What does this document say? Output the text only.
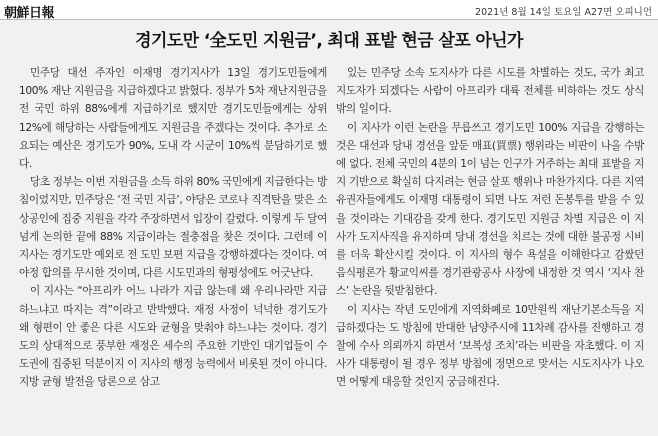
朝鮮日報	2021년 8월 14일 토요일 A27면 오피니언
경기도만 ‘全도민 지원금’, 최대 표밭 현금 살포 아닌가

민주당 대선 주자인 이재명 경기지사가 13일 경기도민들에게 100% 재난 지원금을 지급하겠다고 밝혔다. 정부가 5차 재난지원금을 전 국민 하위 88%에게 지급하기로 했지만 경기도민들에게는 상위 12%에 해당하는 사람들에게도 지원금을 주겠다는 것이다. 추가로 소요되는 예산은 경기도가 90%, 도내 각 시군이 10%씩 분담하기로 했다.

당초 정부는 이번 지원금을 소득 하위 80% 국민에게 지급한다는 방침이었지만, 민주당은 ‘전 국민 지급’, 야당은 코로나 직격탄을 맞은 소상공인에 집중 지원을 각각 주장하면서 입장이 갈렸다. 이렇게 두 달여 넘게 논의한 끝에 88% 지급이라는 절충점을 찾은 것이다. 그런데 이 지사는 경기도만 예외로 전 도민 보편 지급을 강행하겠다는 것이다. 여야정 합의를 무시한 것이며, 다른 시도민과의 형평성에도 어긋난다.

이 지사는 “아프리카 어느 나라가 지급 않는데 왜 우리나라만 지급하느냐고 따지는 격”이라고 반박했다. 재정 사정이 넉넉한 경기도가 왜 형편이 안 좋은 다른 시도와 균형을 맞춰야 하느냐는 것이다. 경기도의 상대적으로 풍부한 재정은 세수의 주요한 기반인 대기업들이 수도권에 집중된 덕분이지 이 지사의 행정 능력에서 비롯된 것이 아니다. 지방 균형 발전을 당론으로 삼고

있는 민주당 소속 도지사가 다른 시도를 차별하는 것도, 국가 최고 지도자가 되겠다는 사람이 아프리카 대륙 전체를 비하하는 것도 상식 밖의 일이다.

이 지사가 이런 논란을 무릅쓰고 경기도민 100% 지급을 강행하는 것은 대선과 당내 경선을 앞둔 매표(買票) 행위라는 비판이 나올 수밖에 없다. 전체 국민의 4분의 1이 넘는 인구가 거주하는 최대 표밭을 지지 기반으로 확실히 다지려는 현금 살포 행위나 마찬가지다. 다른 지역 유권자들에게도 이재명 대통령이 되면 나도 저런 돈봉투를 받을 수 있을 것이라는 기대감을 갖게 한다. 경기도민 지원금 차별 지급은 이 지사가 도지사직을 유지하며 당내 경선을 치르는 것에 대한 불공정 시비를 더욱 확산시킬 것이다. 이 지사의 형수 욕설을 이해한다고 감쌌던 음식평론가 황교익씨를 경기관광공사 사장에 내정한 것 역시 ‘지사 찬스’ 논란을 뒷받침한다.

이 지사는 작년 도민에게 지역화폐로 10만원씩 재난기본소득을 지급하겠다는 도 방침에 반대한 남양주시에 11차례 감사를 진행하고 경찰에 수사 의뢰까지 하면서 ‘보복성 조치’라는 비판을 자초했다. 이 지사가 대통령이 될 경우 정부 방침에 정면으로 맞서는 시도지사가 나오면 어떻게 대응할 것인지 궁금해진다.
